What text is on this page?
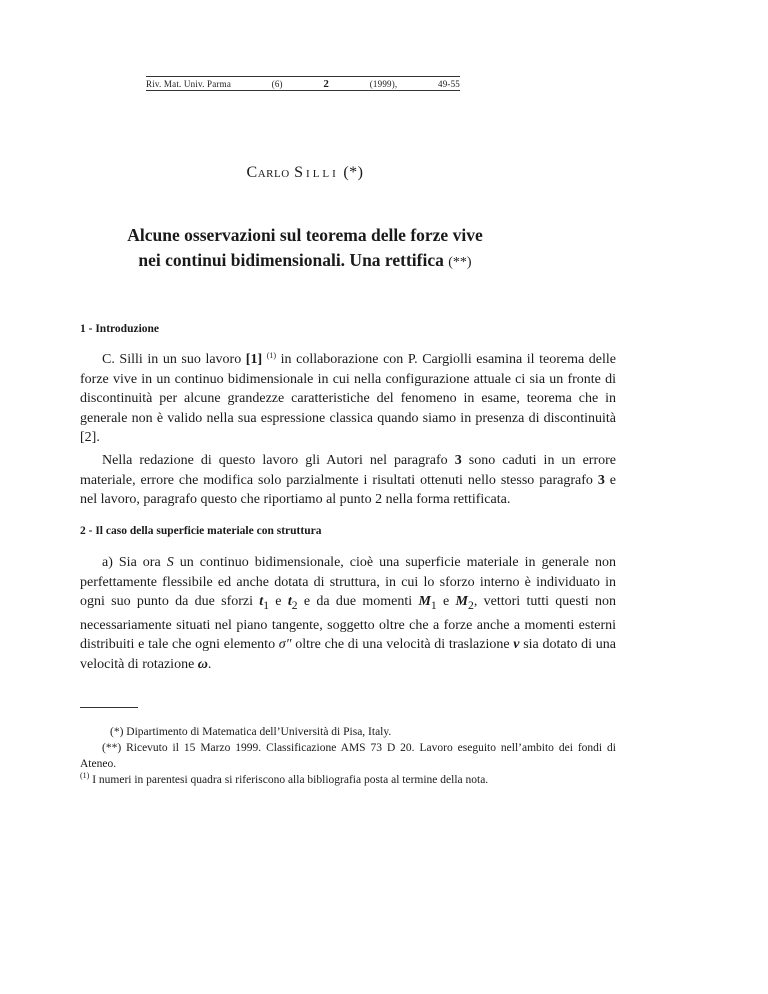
Riv. Mat. Univ. Parma	(6)	2	(1999),	49-55
Carlo Silli (*)
Alcune osservazioni sul teorema delle forze vive
nei continui bidimensionali. Una rettifica (**)
1 - Introduzione

C. Silli in un suo lavoro [1] $^{(1)}$ in collaborazione con P. Cargiolli esamina il teorema delle forze vive in un continuo bidimensionale in cui nella configurazione attuale ci sia un fronte di discontinuità per alcune grandezze caratteristiche del fenomeno in esame, teorema che in generale non è valido nella sua espressione classica quando siamo in presenza di discontinuità [2].

Nella redazione di questo lavoro gli Autori nel paragrafo 3 sono caduti in un errore materiale, errore che modifica solo parzialmente i risultati ottenuti nello stesso paragrafo 3 e nel lavoro, paragrafo questo che riportiamo al punto 2 nella forma rettificata.

2 - Il caso della superficie materiale con struttura

a) Sia ora S un continuo bidimensionale, cioè una superficie materiale in generale non perfettamente flessibile ed anche dotata di struttura, in cui lo sforzo interno è individuato in ogni suo punto da due sforzi $t_1$ e $t_2$ e da due momenti $M_1$ e $M_2$, vettori tutti questi non necessariamente situati nel piano tangente, soggetto oltre che a forze anche a momenti esterni distribuiti e tale che ogni elemento σ″ oltre che di una velocità di traslazione v sia dotato di una velocità di rotazione ω.

(*) Dipartimento di Matematica dell’Università di Pisa, Italy.

(**) Ricevuto il 15 Marzo 1999. Classificazione AMS 73 D 20. Lavoro eseguito nell’ambito dei fondi di Ateneo.

$^{(1)}$ I numeri in parentesi quadra si riferiscono alla bibliografia posta al termine della nota.
